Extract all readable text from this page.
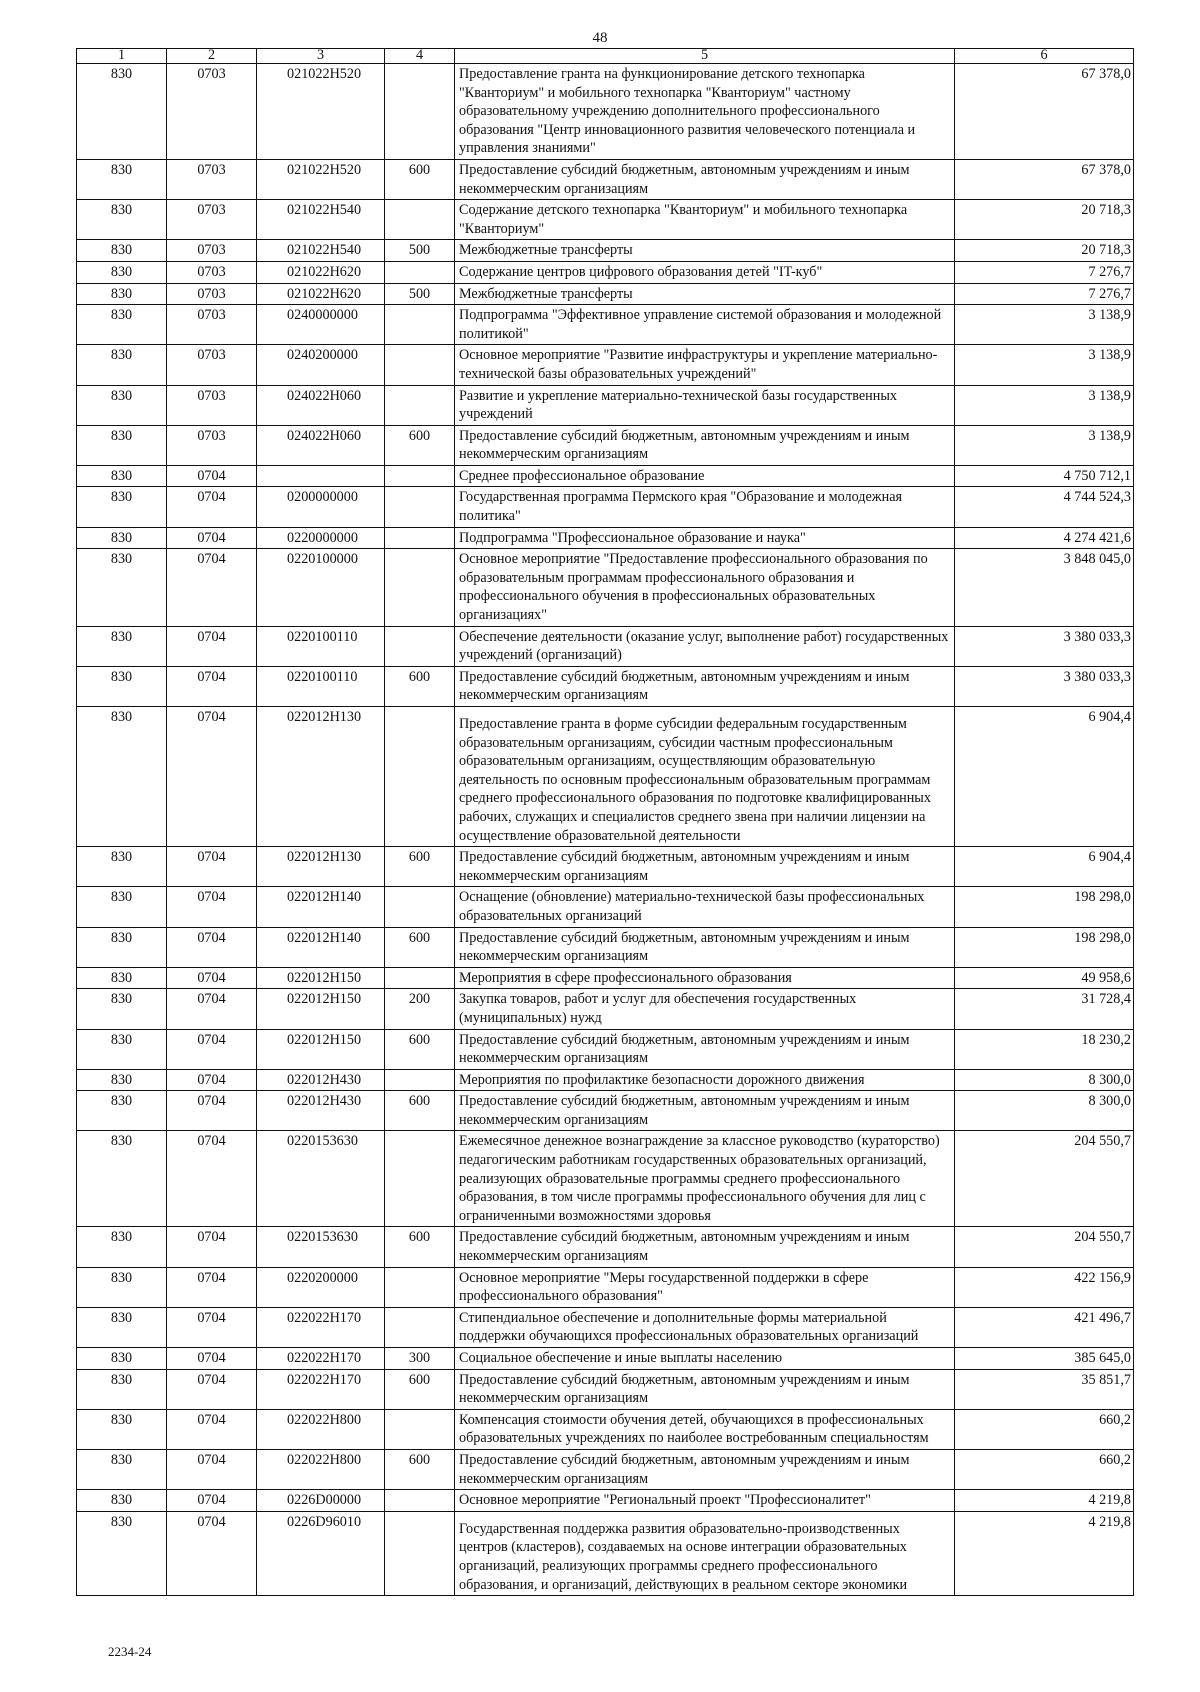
48
1	2	3	4	5	6
830	0703	021022Н520		Предоставление гранта на функционирование детского технопарка "Кванториум" и мобильного технопарка "Кванториум" частному образовательному учреждению дополнительного профессионального образования "Центр инновационного развития человеческого потенциала и управления знаниями"	67 378,0
830	0703	021022Н520	600	Предоставление субсидий бюджетным, автономным учреждениям и иным некоммерческим организациям	67 378,0
830	0703	021022Н540		Содержание детского технопарка "Кванториум" и мобильного технопарка "Кванториум"	20 718,3
830	0703	021022Н540	500	Межбюджетные трансферты	20 718,3
830	0703	021022Н620		Содержание центров цифрового образования детей "IT-куб"	7 276,7
830	0703	021022Н620	500	Межбюджетные трансферты	7 276,7
830	0703	0240000000		Подпрограмма "Эффективное управление системой образования и молодежной политикой"	3 138,9
830	0703	0240200000		Основное мероприятие "Развитие инфраструктуры и укрепление материально-технической базы образовательных учреждений"	3 138,9
830	0703	024022Н060		Развитие и укрепление материально-технической базы государственных учреждений	3 138,9
830	0703	024022Н060	600	Предоставление субсидий бюджетным, автономным учреждениям и иным некоммерческим организациям	3 138,9
830	0704			Среднее профессиональное образование	4 750 712,1
830	0704	0200000000		Государственная программа Пермского края "Образование и молодежная политика"	4 744 524,3
830	0704	0220000000		Подпрограмма "Профессиональное образование и наука"	4 274 421,6
830	0704	0220100000		Основное мероприятие "Предоставление профессионального образования по образовательным программам профессионального образования и профессионального обучения в профессиональных образовательных организациях"	3 848 045,0
830	0704	0220100110		Обеспечение деятельности (оказание услуг, выполнение работ) государственных учреждений (организаций)	3 380 033,3
830	0704	0220100110	600	Предоставление субсидий бюджетным, автономным учреждениям и иным некоммерческим организациям	3 380 033,3
830	0704	022012Н130		Предоставление гранта в форме субсидии федеральным государственным образовательным организациям, субсидии частным профессиональным образовательным организациям, осуществляющим образовательную деятельность по основным профессиональным образовательным программам среднего профессионального образования по подготовке квалифицированных рабочих, служащих и специалистов среднего звена при наличии лицензии на осуществление образовательной деятельности	6 904,4
830	0704	022012Н130	600	Предоставление субсидий бюджетным, автономным учреждениям и иным некоммерческим организациям	6 904,4
830	0704	022012Н140		Оснащение (обновление) материально-технической базы профессиональных образовательных организаций	198 298,0
830	0704	022012Н140	600	Предоставление субсидий бюджетным, автономным учреждениям и иным некоммерческим организациям	198 298,0
830	0704	022012Н150		Мероприятия в сфере профессионального образования	49 958,6
830	0704	022012Н150	200	Закупка товаров, работ и услуг для обеспечения государственных (муниципальных) нужд	31 728,4
830	0704	022012Н150	600	Предоставление субсидий бюджетным, автономным учреждениям и иным некоммерческим организациям	18 230,2
830	0704	022012Н430		Мероприятия по профилактике безопасности дорожного движения	8 300,0
830	0704	022012Н430	600	Предоставление субсидий бюджетным, автономным учреждениям и иным некоммерческим организациям	8 300,0
830	0704	0220153630		Ежемесячное денежное вознаграждение за классное руководство (кураторство) педагогическим работникам государственных образовательных организаций, реализующих образовательные программы среднего профессионального образования, в том числе программы профессионального обучения для лиц с ограниченными возможностями здоровья	204 550,7
830	0704	0220153630	600	Предоставление субсидий бюджетным, автономным учреждениям и иным некоммерческим организациям	204 550,7
830	0704	0220200000		Основное мероприятие "Меры государственной поддержки в сфере профессионального образования"	422 156,9
830	0704	022022Н170		Стипендиальное обеспечение и дополнительные формы материальной поддержки обучающихся профессиональных образовательных организаций	421 496,7
830	0704	022022Н170	300	Социальное обеспечение и иные выплаты населению	385 645,0
830	0704	022022Н170	600	Предоставление субсидий бюджетным, автономным учреждениям и иным некоммерческим организациям	35 851,7
830	0704	022022Н800		Компенсация стоимости обучения детей, обучающихся в профессиональных образовательных учреждениях по наиболее востребованным специальностям	660,2
830	0704	022022Н800	600	Предоставление субсидий бюджетным, автономным учреждениям и иным некоммерческим организациям	660,2
830	0704	0226D00000		Основное мероприятие "Региональный проект "Профессионалитет"	4 219,8
830	0704	0226D96010		Государственная поддержка развития образовательно-производственных центров (кластеров), создаваемых на основе интеграции образовательных организаций, реализующих программы среднего профессионального образования, и организаций, действующих в реальном секторе экономики	4 219,8
2234-24
